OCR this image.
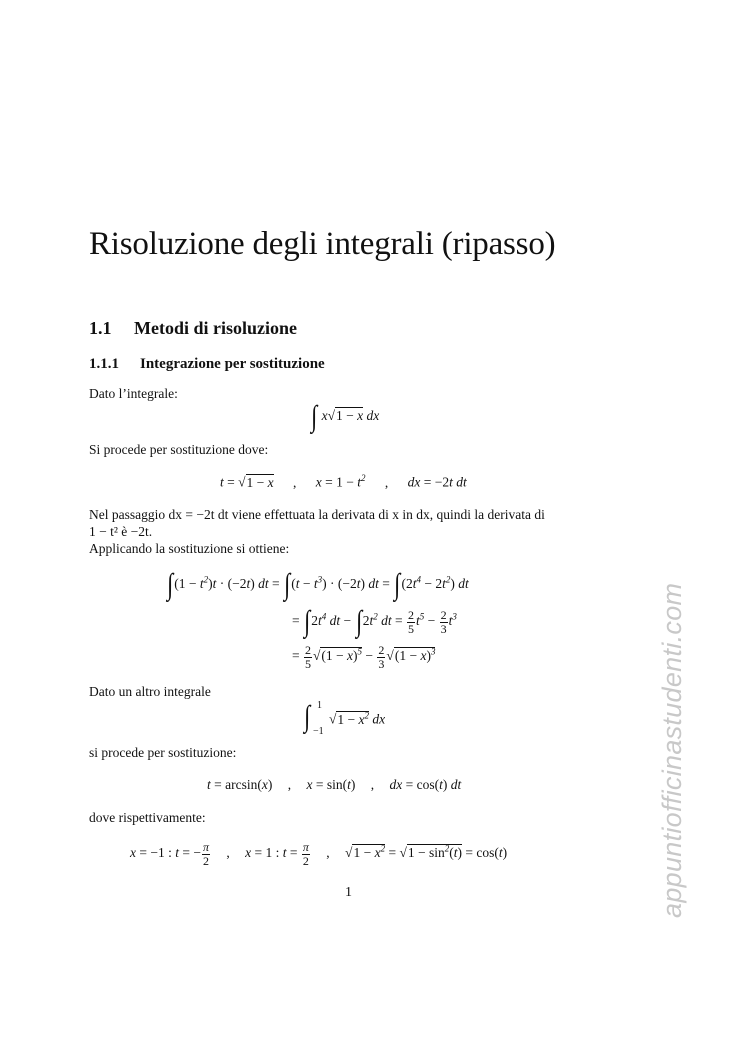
Risoluzione degli integrali (ripasso)
1.1 Metodi di risoluzione
1.1.1 Integrazione per sostituzione
Dato l’integrale:
∫ x√1 − x dx
Si procede per sostituzione dove:
t = √1 − x , $x = 1 - t^2$ , dx = −2t dt
Nel passaggio dx = −2t dt viene effettuata la derivata di x in dx, quindi la derivata di
1 − t² è −2t.
Applicando la sostituzione si ottiene:
$\int(1 - t^2)t \cdot (-2t)$ dt = $\int(t - t^3) \cdot (-2t)$ dt = $\int(2t^4 - 2t^2)$ dt
= $\int 2t^4$ dt − $\int 2t^2$ dt = $\frac{2}{5} t^5 - \frac{2}{3} t^3$
= $\frac{2}{5} √(1 - x)^5 - \frac{2}{3} √(1 - x)^3$
Dato un altro integrale
∫ 1
−1
$√1 - x^2$ dx
si procede per sostituzione:
t = arcsin(x) , x = sin(t) , dx = cos(t) dt
dove rispettivamente:
x = −1 : t = − $\frac{\pi}{2}$ , x = 1 : $t = \frac{\pi}{2}$ , $√1 - x^2 = √1 - \sin^2(t) = \cos(t)$
1	appuntiofficinastudenti.com
